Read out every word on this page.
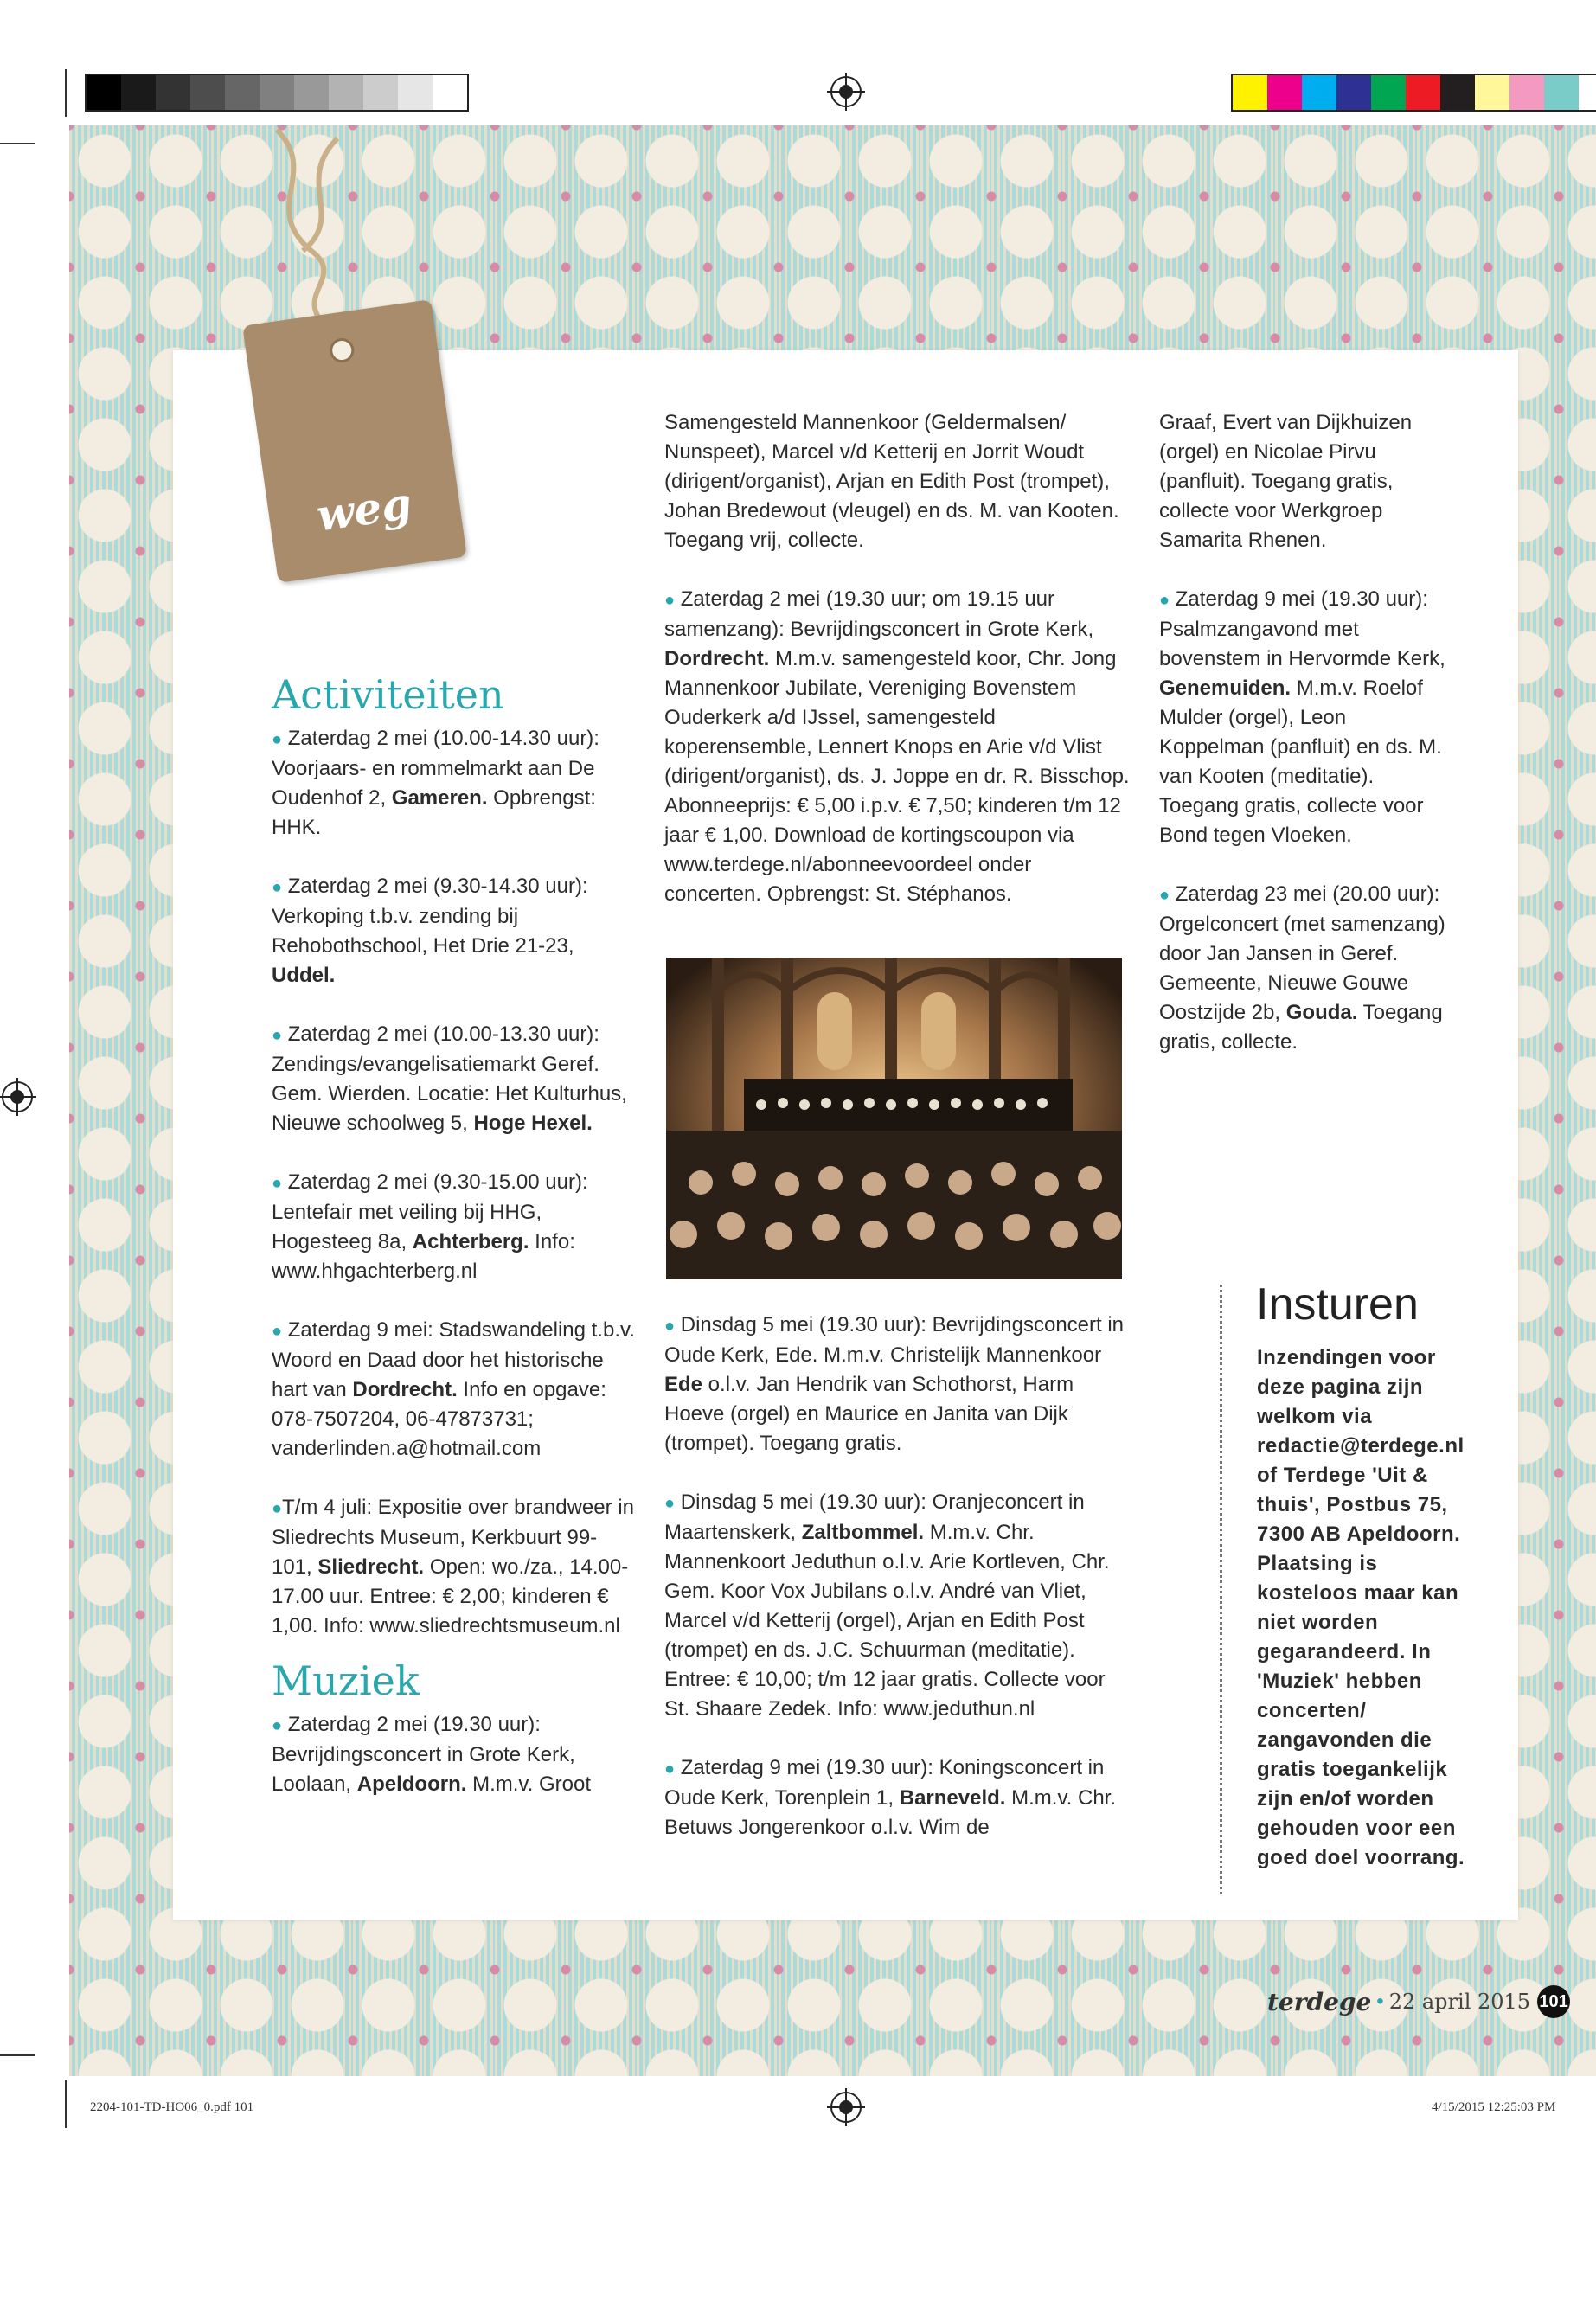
weg
Activiteiten

● Zaterdag 2 mei (10.00-14.30 uur): Voorjaars- en rommelmarkt aan De Oudenhof 2, Gameren. Opbrengst: HHK.

● Zaterdag 2 mei (9.30-14.30 uur): Verkoping t.b.v. zending bij Rehobothschool, Het Drie 21-23, Uddel.

● Zaterdag 2 mei (10.00-13.30 uur): Zendings/evangelisatiemarkt Geref. Gem. Wierden. Locatie: Het Kulturhus, Nieuwe schoolweg 5, Hoge Hexel.

● Zaterdag 2 mei (9.30-15.00 uur): Lentefair met veiling bij HHG, Hogesteeg 8a, Achterberg. Info: www.hhgachterberg.nl

● Zaterdag 9 mei: Stadswandeling t.b.v. Woord en Daad door het historische hart van Dordrecht. Info en opgave: 078-7507204, 06-47873731; vanderlinden.a@hotmail.com

●T/m 4 juli: Expositie over brandweer in Sliedrechts Museum, Kerkbuurt 99-101, Sliedrecht. Open: wo./za., 14.00-17.00 uur. Entree: € 2,00; kinderen € 1,00. Info: www.sliedrechtsmuseum.nl

Muziek

● Zaterdag 2 mei (19.30 uur): Bevrijdingsconcert in Grote Kerk, Loolaan, Apeldoorn. M.m.v. Groot

Samengesteld Mannenkoor (Geldermalsen/ Nunspeet), Marcel v/d Ketterij en Jorrit Woudt (dirigent/organist), Arjan en Edith Post (trompet), Johan Bredewout (vleugel) en ds. M. van Kooten. Toegang vrij, collecte.

● Zaterdag 2 mei (19.30 uur; om 19.15 uur samenzang): Bevrijdingsconcert in Grote Kerk, Dordrecht. M.m.v. samengesteld koor, Chr. Jong Mannenkoor Jubilate, Vereniging Bovenstem Ouderkerk a/d IJssel, samengesteld koperensemble, Lennert Knops en Arie v/d Vlist (dirigent/organist), ds. J. Joppe en dr. R. Bisschop. Abonneeprijs: € 5,00 i.p.v. € 7,50; kinderen t/m 12 jaar € 1,00. Download de kortingscoupon via www.terdege.nl/abonneevoordeel onder concerten. Opbrengst: St. Stéphanos.

● Dinsdag 5 mei (19.30 uur): Bevrijdingsconcert in Oude Kerk, Ede. M.m.v. Christelijk Mannenkoor Ede o.l.v. Jan Hendrik van Schothorst, Harm Hoeve (orgel) en Maurice en Janita van Dijk (trompet). Toegang gratis.

● Dinsdag 5 mei (19.30 uur): Oranjeconcert in Maartenskerk, Zaltbommel. M.m.v. Chr. Mannenkoort Jeduthun o.l.v. Arie Kortleven, Chr. Gem. Koor Vox Jubilans o.l.v. André van Vliet, Marcel v/d Ketterij (orgel), Arjan en Edith Post (trompet) en ds. J.C. Schuurman (meditatie). Entree: € 10,00; t/m 12 jaar gratis. Collecte voor St. Shaare Zedek. Info: www.jeduthun.nl

● Zaterdag 9 mei (19.30 uur): Koningsconcert in Oude Kerk, Torenplein 1, Barneveld. M.m.v. Chr. Betuws Jongerenkoor o.l.v. Wim de

Graaf, Evert van Dijkhuizen (orgel) en Nicolae Pirvu (panfluit). Toegang gratis, collecte voor Werkgroep Samarita Rhenen.

● Zaterdag 9 mei (19.30 uur): Psalmzangavond met bovenstem in Hervormde Kerk, Genemuiden. M.m.v. Roelof Mulder (orgel), Leon Koppelman (panfluit) en ds. M. van Kooten (meditatie). Toegang gratis, collecte voor Bond tegen Vloeken.

● Zaterdag 23 mei (20.00 uur): Orgelconcert (met samenzang) door Jan Jansen in Geref. Gemeente, Nieuwe Gouwe Oostzijde 2b, Gouda. Toegang gratis, collecte.

Insturen
Inzendingen voor deze pagina zijn welkom via redactie@terdege.nl of Terdege 'Uit & thuis', Postbus 75, 7300 AB Apeldoorn. Plaatsing is kosteloos maar kan niet worden gegarandeerd. In 'Muziek' hebben concerten/ zangavonden die gratis toegankelijk zijn en/of worden gehouden voor een goed doel voorrang.
terdege • 22 april 2015 101
2204-101-TD-HO06_0.pdf 101	4/15/2015 12:25:03 PM
